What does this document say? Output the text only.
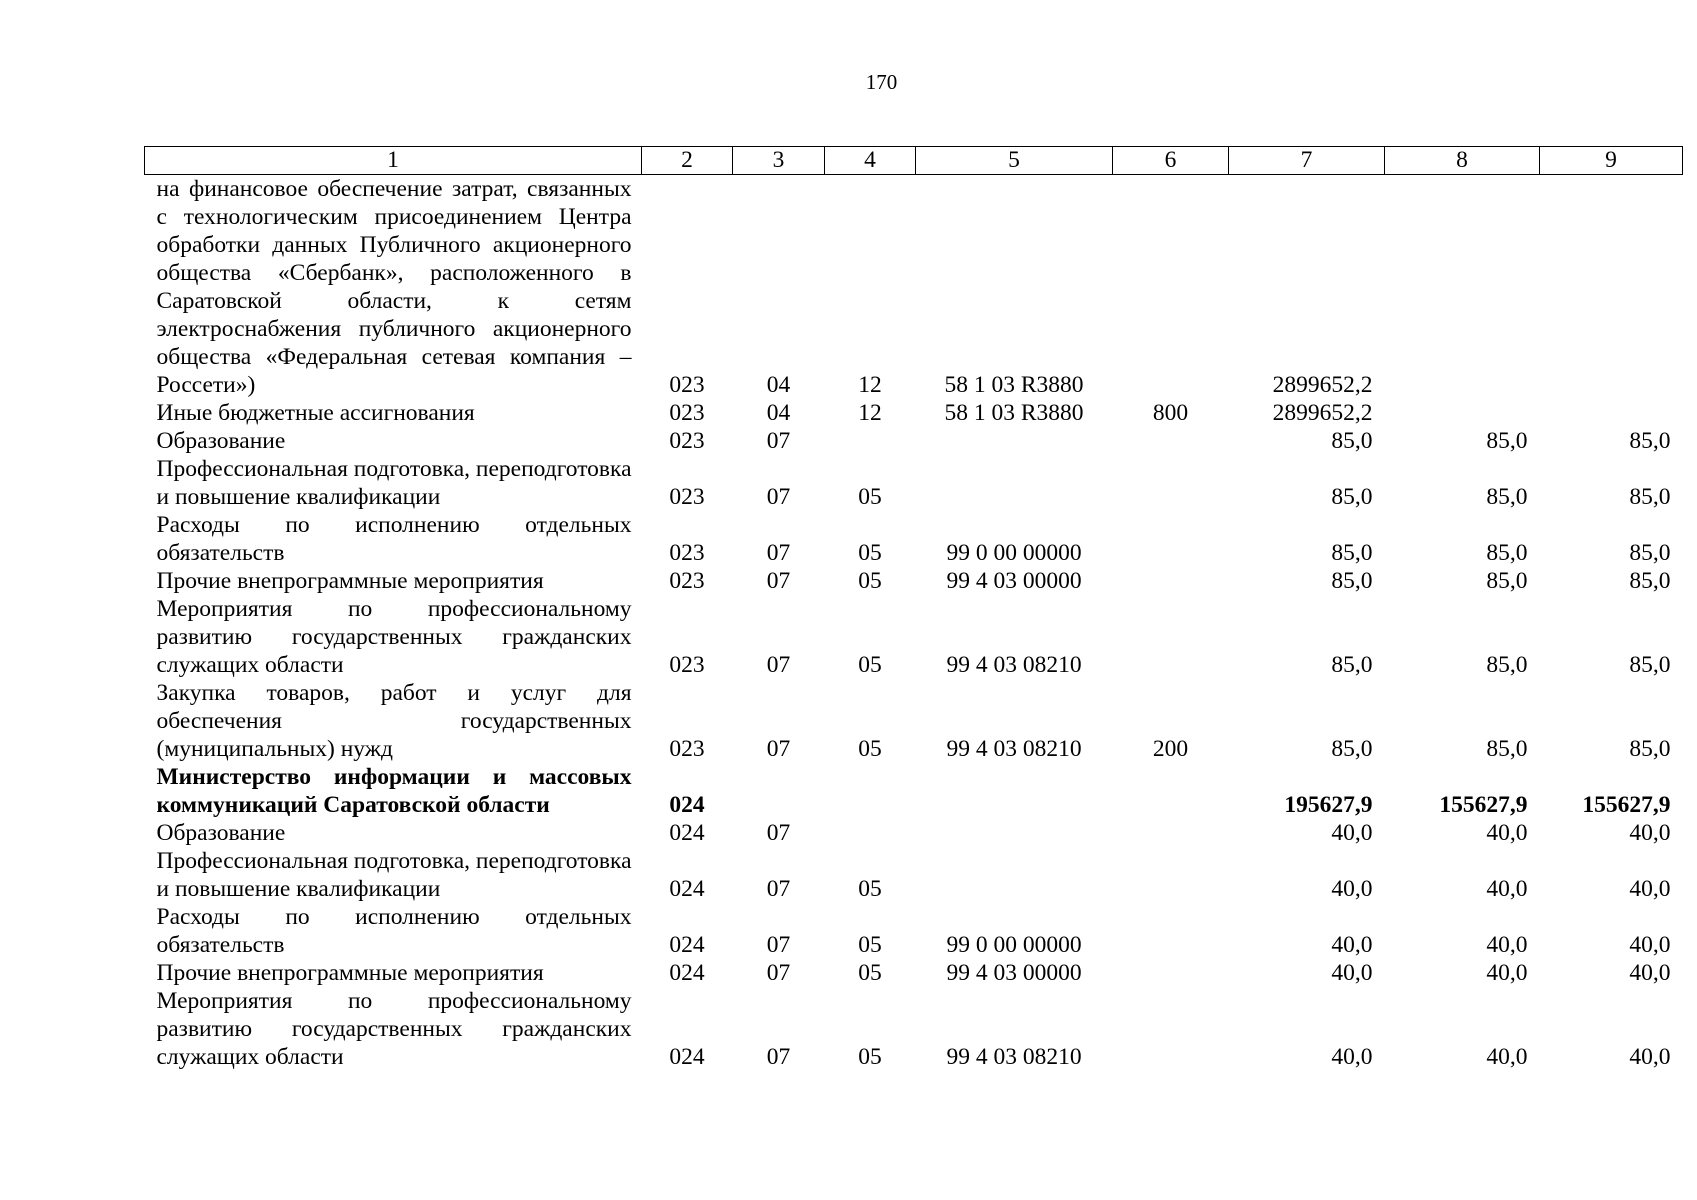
170
1	2	3	4	5	6	7	8	9
на финансовое обеспечение затрат, связанных с технологическим присоединением Центра обработки данных Публичного акционерного общества «Сбербанк», расположенного в Саратовской области, к сетям электроснабжения публичного акционерного общества «Федеральная сетевая компания – Россети»)	023	04	12	58 1 03 R3880		2899652,2		
Иные бюджетные ассигнования	023	04	12	58 1 03 R3880	800	2899652,2		
Образование	023	07				85,0	85,0	85,0
Профессиональная подготовка, переподготовка и повышение квалификации	023	07	05			85,0	85,0	85,0
Расходы по исполнению отдельных обязательств	023	07	05	99 0 00 00000		85,0	85,0	85,0
Прочие внепрограммные мероприятия	023	07	05	99 4 03 00000		85,0	85,0	85,0
Мероприятия по профессиональному развитию государственных гражданских служащих области	023	07	05	99 4 03 08210		85,0	85,0	85,0
Закупка товаров, работ и услуг для обеспечения государственных (муниципальных) нужд	023	07	05	99 4 03 08210	200	85,0	85,0	85,0
Министерство информации и массовых коммуникаций Саратовской области	024					195627,9	155627,9	155627,9
Образование	024	07				40,0	40,0	40,0
Профессиональная подготовка, переподготовка и повышение квалификации	024	07	05			40,0	40,0	40,0
Расходы по исполнению отдельных обязательств	024	07	05	99 0 00 00000		40,0	40,0	40,0
Прочие внепрограммные мероприятия	024	07	05	99 4 03 00000		40,0	40,0	40,0
Мероприятия по профессиональному развитию государственных гражданских служащих области	024	07	05	99 4 03 08210		40,0	40,0	40,0
